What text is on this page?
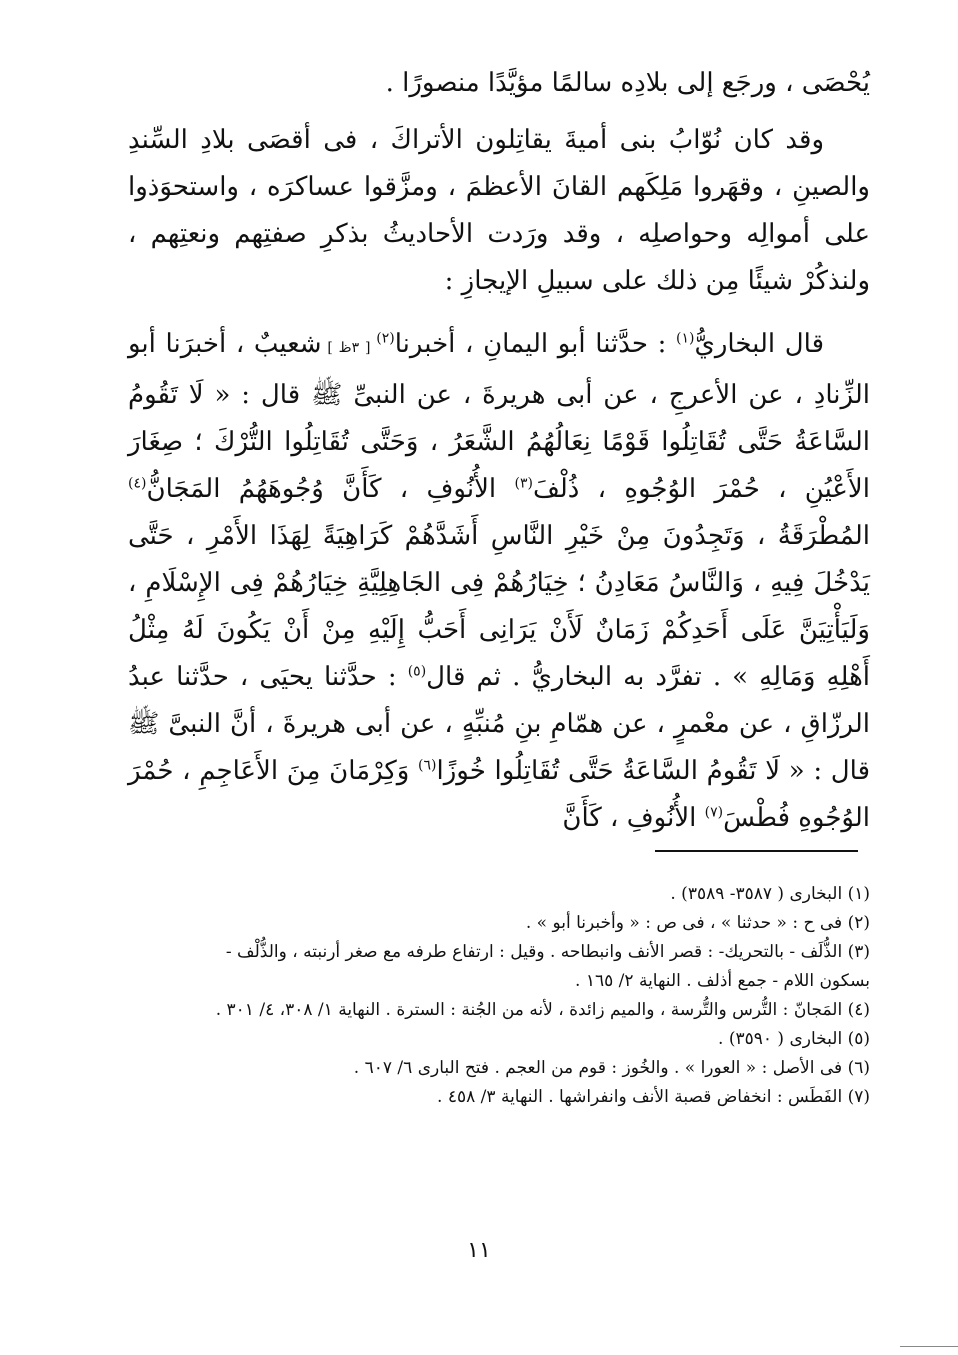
يُحْصَى ، ورجَع إلى بلادِه سالمًا مؤيَّدًا منصورًا .

وقد كان نُوّابُ بنى أميةَ يقاتِلون الأتراكَ ، فى أقصَى بلادِ السِّندِ والصينِ ، وقهَروا مَلِكَهم القانَ الأعظمَ ، ومزَّقوا عساكرَه ، واستحوَذوا على أموالِه وحواصلِه ، وقد ورَدت الأحاديثُ بذكرِ صفتِهم ونعتِهم ، ولنذكُرْ شيئًا مِن ذلك على سبيلِ الإيجازِ :

قال البخاريُّ$^{(١)}$ : حدَّثنا أبو اليمانِ ، أخبرنا$^{(٢)}$ [ ٣ظ ] شعيبٌ ، أخبرَنا أبو الزِّنادِ ، عن الأعرجِ ، عن أبى هريرةَ ، عن النبىِّ ﷺ قال : « لَا تَقُومُ السَّاعَةُ حَتَّى تُقَاتِلُوا قَوْمًا نِعَالُهُمُ الشَّعَرُ ، وَحَتَّى تُقَاتِلُوا التُّرْكَ ؛ صِغَارَ الأَعْيُنِ ، حُمْرَ الوُجُوهِ ، ذُلْفَ$^{(٣)}$ الأُنُوفِ ، كَأَنَّ وُجُوهَهُمُ المَجَانُّ$^{(٤)}$ المُطْرَقَةُ ، وَتَجِدُونَ مِنْ خَيْرِ النَّاسِ أَشَدَّهُمْ كَرَاهِيَةً لِهَذَا الأَمْرِ ، حَتَّى يَدْخُلَ فِيهِ ، وَالنَّاسُ مَعَادِنُ ؛ خِيَارُهُمْ فِى الجَاهِلِيَّةِ خِيَارُهُمْ فِى الإِسْلَامِ ، وَلَيَأْتِيَنَّ عَلَى أَحَدِكُمْ زَمَانٌ لَأَنْ يَرَانِى أَحَبُّ إِلَيْهِ مِنْ أَنْ يَكُونَ لَهُ مِثْلُ أَهْلِهِ وَمَالِهِ » . تفرَّد به البخاريُّ . ثم قال$^{(٥)}$ : حدَّثنا يحيَى ، حدَّثنا عبدُ الرزّاقِ ، عن معْمرٍ ، عن همّامِ بنِ مُنبِّهٍ ، عن أبى هريرةَ ، أنَّ النبىَّ ﷺ قال : « لَا تَقُومُ السَّاعَةُ حَتَّى تُقَاتِلُوا خُوزًا$^{(٦)}$ وَكِرْمَانَ مِنَ الأَعَاجِمِ ، حُمْرَ الوُجُوهِ فُطْسَ$^{(٧)}$ الأُنُوفِ ، كَأَنَّ

(١) البخارى ( ٣٥٨٧- ٣٥٨٩) .

(٢) فى ح : « حدثنا » ، فى ص : « وأخبرنا أبو » .

(٣) الذُّلَف - بالتحريك- : قصر الأنف وانبطاحه . وقيل : ارتفاع طرفه مع صغر أرنبته ، والذُّلْف - بسكون اللام - جمع أذلف . النهاية ٢/ ١٦٥ .

(٤) المَجانّ : التُّرس والتُّرسة ، والميم زائدة ، لأنه من الجُنة : السترة . النهاية ١/ ٣٠٨، ٤/ ٣٠١ .

(٥) البخارى ( ٣٥٩٠) .

(٦) فى الأصل : « العورا » . والخُوز : قوم من العجم . فتح البارى ٦/ ٦٠٧ .

(٧) الفَطَس : انخفاض قصبة الأنف وانفراشها . النهاية ٣/ ٤٥٨ .

١١
